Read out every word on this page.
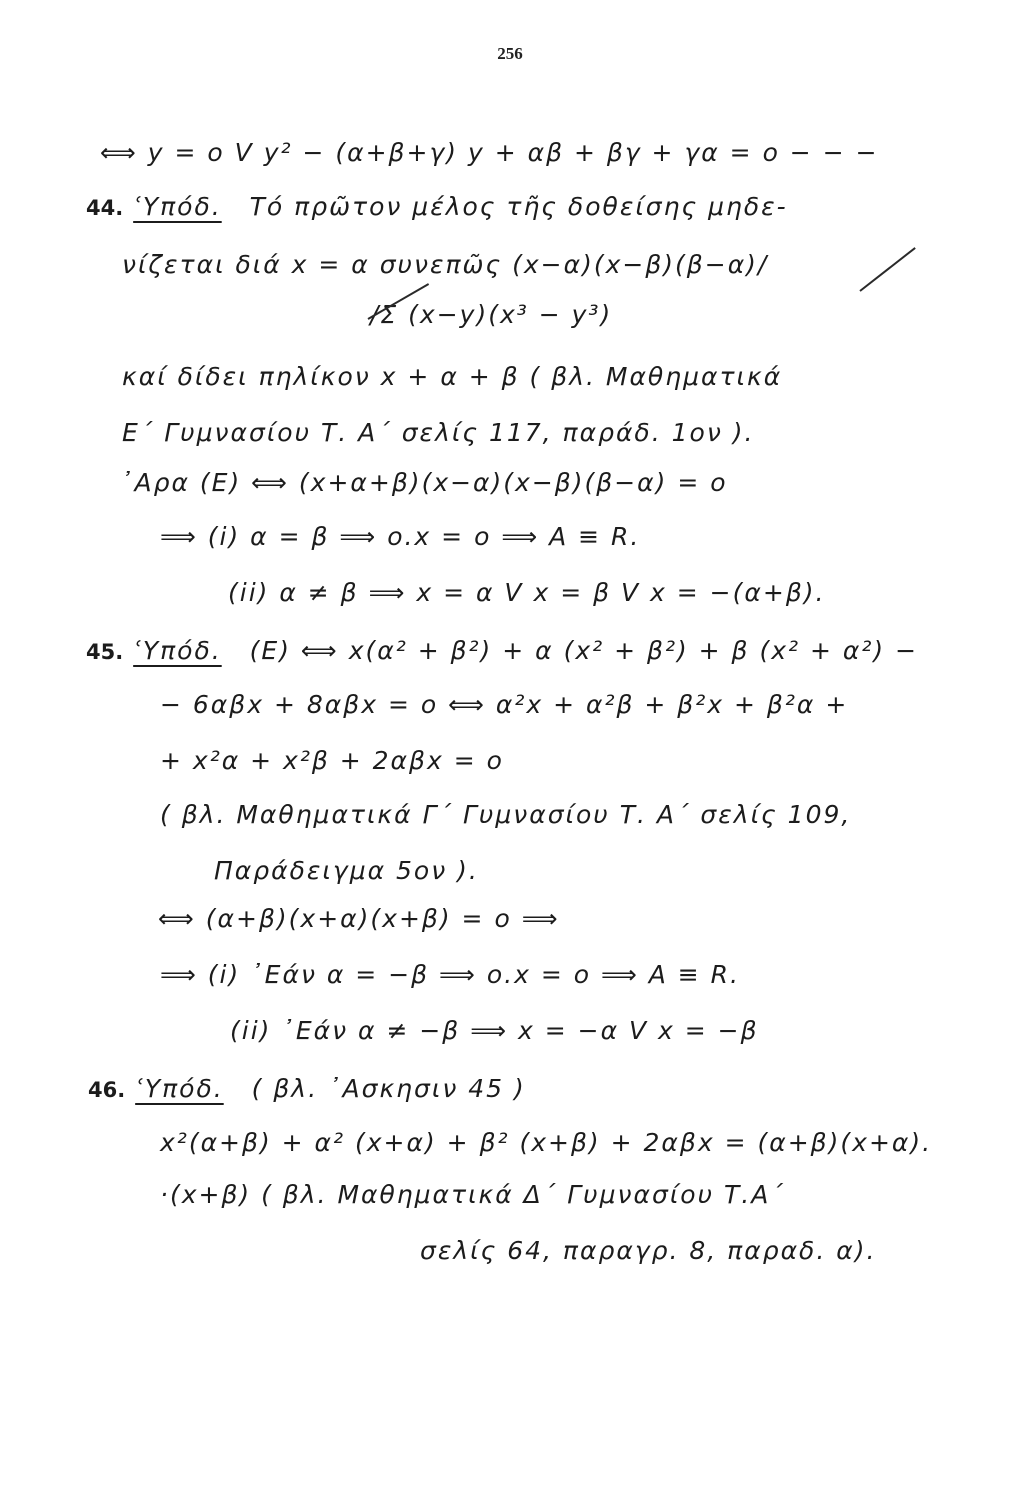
256
⟺ y = o V y² − (α+β+γ) y + αβ + βγ + γα = o − − −
44. ʿΥπόδ. Τό πρῶτον μέλος τῆς δοθείσης μηδε-
νίζεται διά x = α συνεπῶς (x−α)(x−β)(β−α)/
/Σ (x−y)(x³ − y³)
καί δίδει πηλίκον x + α + β ( βλ. Μαθηματικά
Ε΄ Γυμνασίου Τ. Α΄ σελίς 117, παράδ. 1ον ).
᾿Αρα (Ε) ⟺ (x+α+β)(x−α)(x−β)(β−α) = o
⟹ (i) α = β ⟹ o.x = o ⟹ Α ≡ R.
(ii) α ≠ β ⟹ x = α V x = β V x = −(α+β).
45. ʿΥπόδ. (Ε) ⟺ x(α² + β²) + α (x² + β²) + β (x² + α²) −
− 6αβx + 8αβx = o ⟺ α²x + α²β + β²x + β²α +
+ x²α + x²β + 2αβx = o
( βλ. Μαθηματικά Γ΄ Γυμνασίου Τ. Α΄ σελίς 109,
Παράδειγμα 5ον ).
⟺ (α+β)(x+α)(x+β) = o ⟹
⟹ (i) ᾿Εάν α = −β ⟹ o.x = o ⟹ Α ≡ R.
(ii) ᾿Εάν α ≠ −β ⟹ x = −α V x = −β
46. ʿΥπόδ. ( βλ. ᾿Ασκησιν 45 )
x²(α+β) + α² (x+α) + β² (x+β) + 2αβx = (α+β)(x+α).
·(x+β) ( βλ. Μαθηματικά Δ΄ Γυμνασίου Τ.Α΄
σελίς 64, παραγρ. 8, παραδ. α).
